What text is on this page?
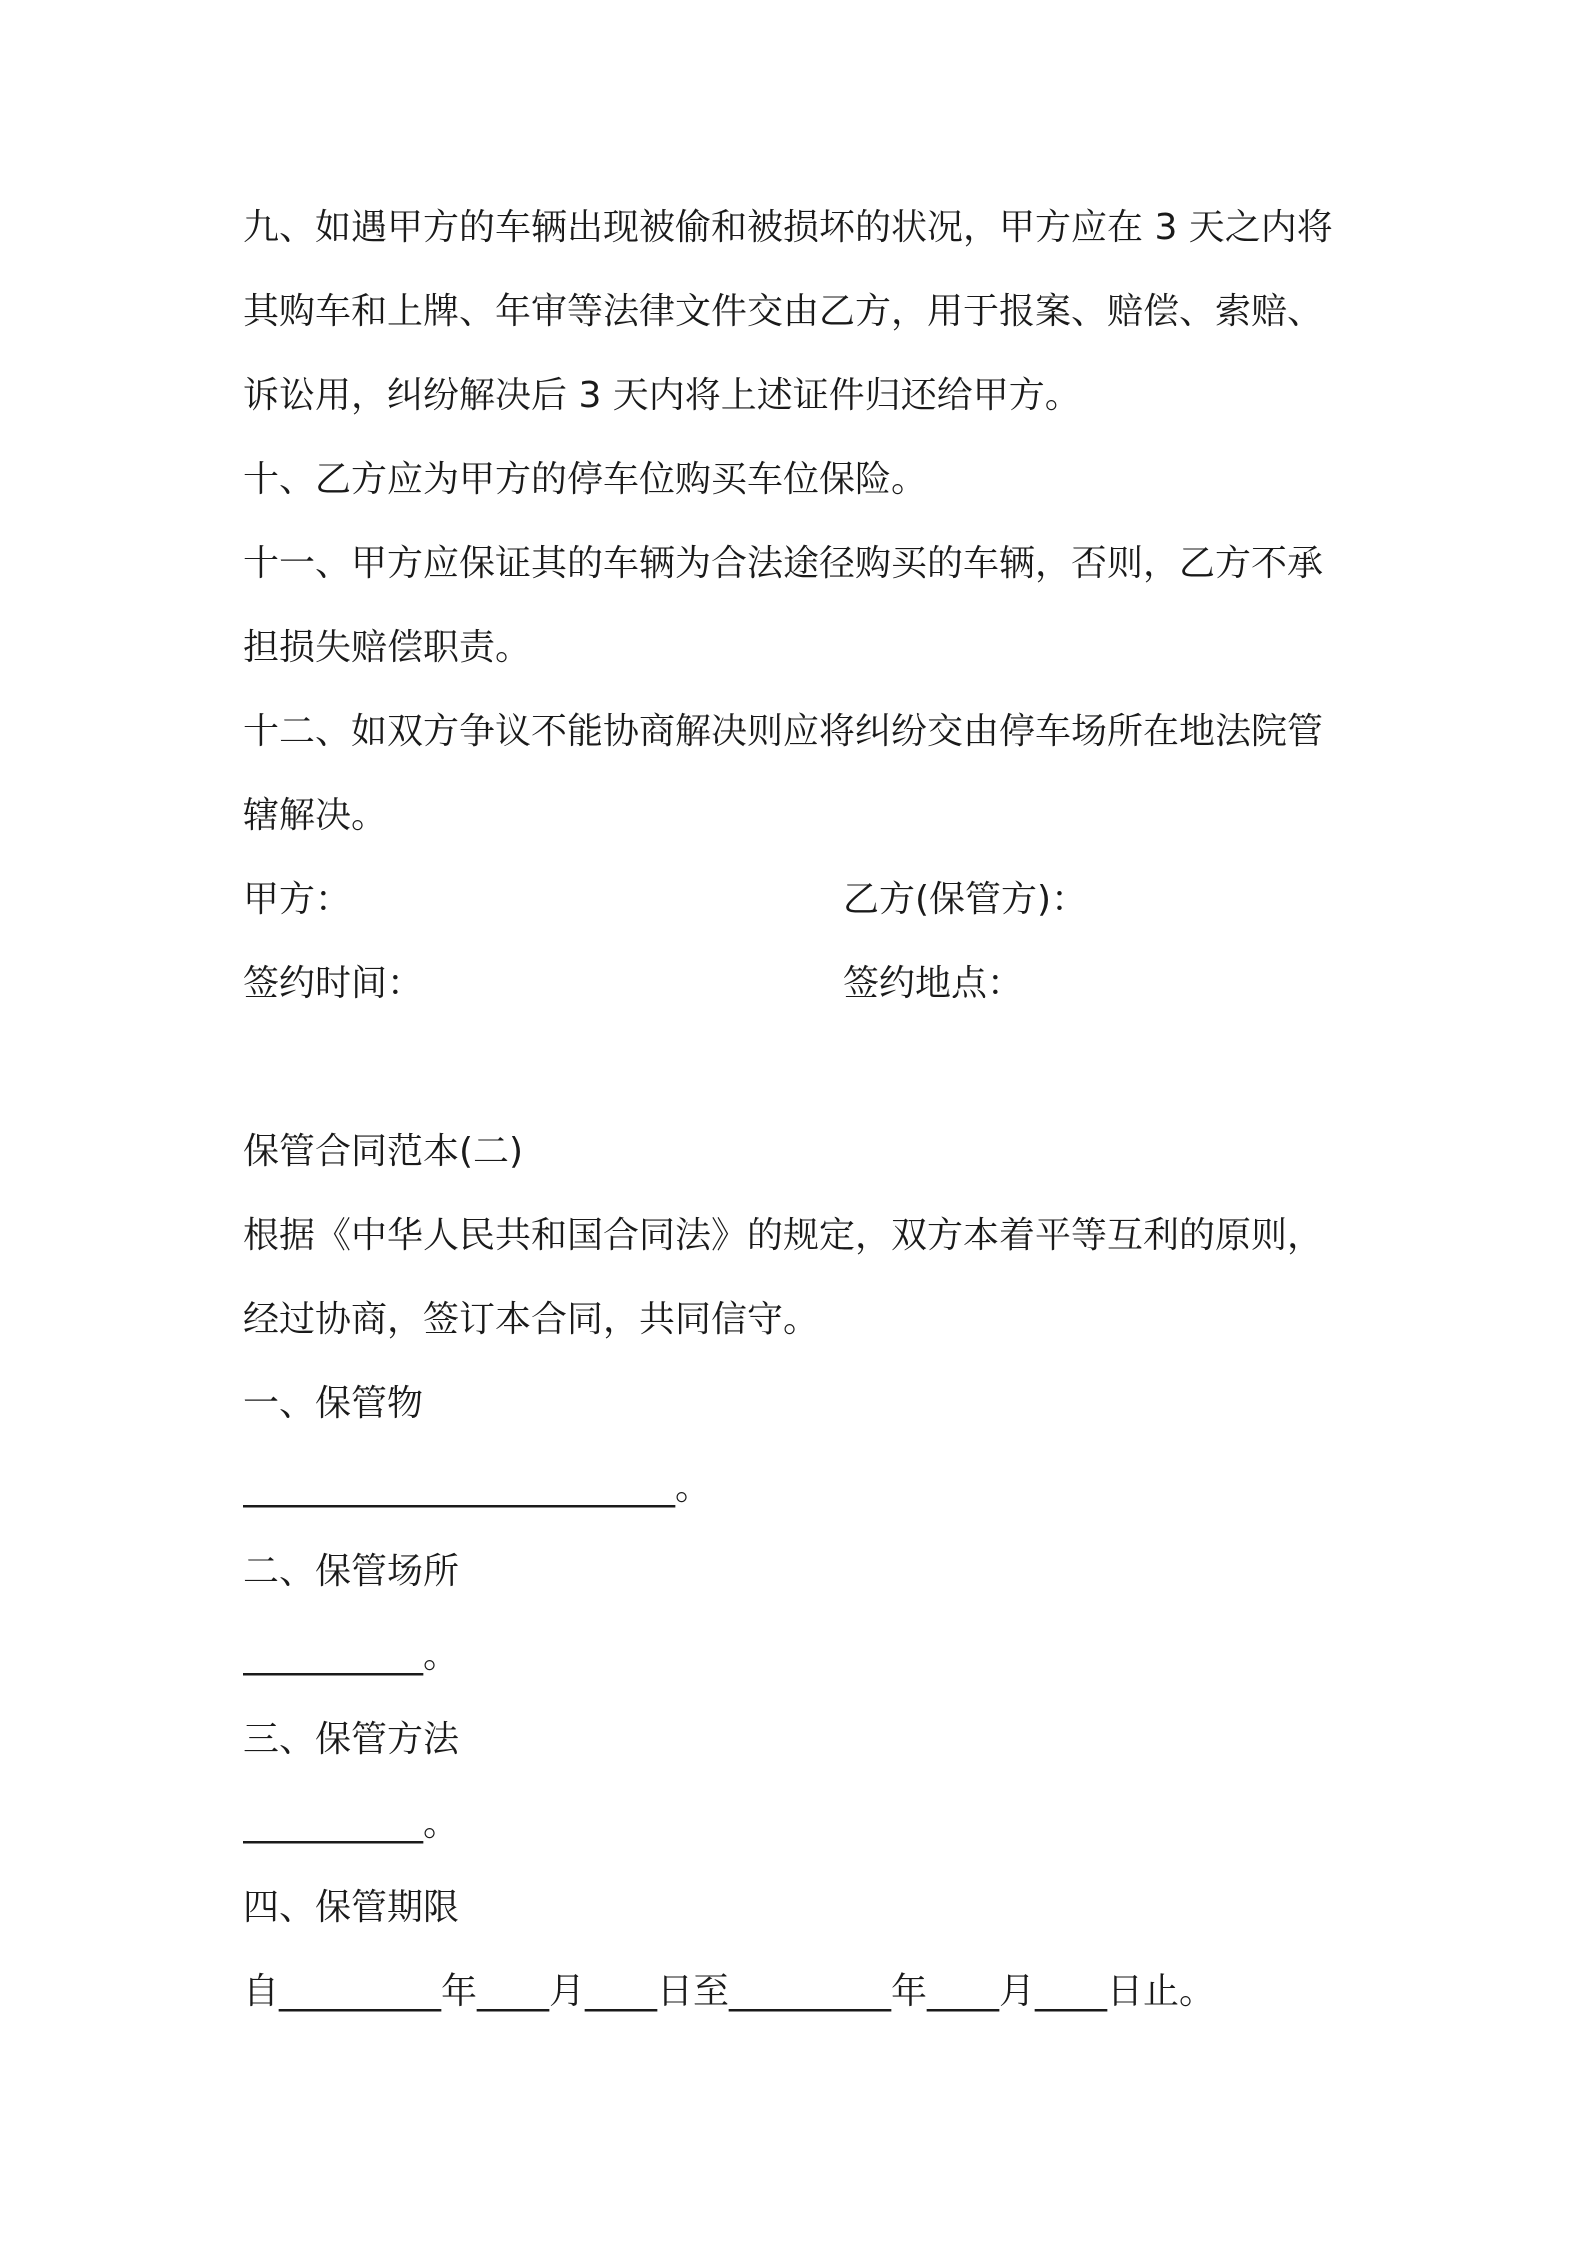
九、如遇甲方的车辆出现被偷和被损坏的状况，甲方应在 3 天之内将

其购车和上牌、年审等法律文件交由乙方，用于报案、赔偿、索赔、

诉讼用，纠纷解决后 3 天内将上述证件归还给甲方。

十、乙方应为甲方的停车位购买车位保险。

十一、甲方应保证其的车辆为合法途径购买的车辆，否则，乙方不承

担损失赔偿职责。

十二、如双方争议不能协商解决则应将纠纷交由停车场所在地法院管

辖解决。

甲方：	乙方(保管方)：
签约时间：	签约地点：

保管合同范本(二)

根据《中华人民共和国合同法》的规定，双方本着平等互利的原则，

经过协商，签订本合同，共同信守。

一、保管物

________________________。

二、保管场所

__________。

三、保管方法

__________。

四、保管期限

自_________年____月____日至_________年____月____日止。
